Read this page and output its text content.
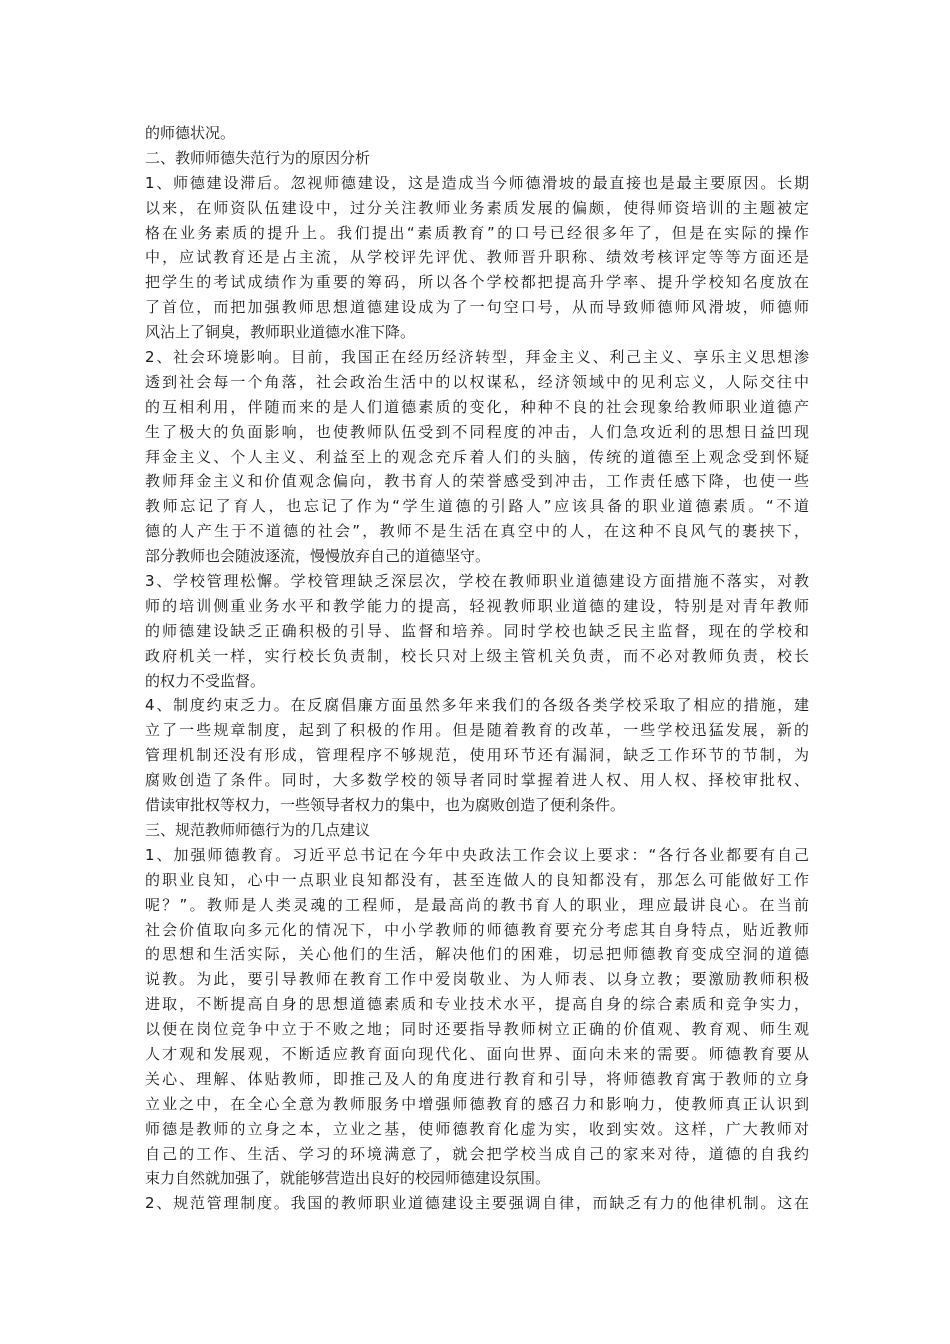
的师德状况。
二、教师师德失范行为的原因分析
1、师德建设滞后。忽视师德建设，这是造成当今师德滑坡的最直接也是最主要原因。长期
以来，在师资队伍建设中，过分关注教师业务素质发展的偏颇，使得师资培训的主题被定
格在业务素质的提升上。我们提出“素质教育”的口号已经很多年了，但是在实际的操作
中，应试教育还是占主流，从学校评先评优、教师晋升职称、绩效考核评定等等方面还是
把学生的考试成绩作为重要的筹码，所以各个学校都把提高升学率、提升学校知名度放在
了首位，而把加强教师思想道德建设成为了一句空口号，从而导致师德师风滑坡，师德师
风沾上了铜臭，教师职业道德水准下降。
2、社会环境影响。目前，我国正在经历经济转型，拜金主义、利己主义、享乐主义思想渗
透到社会每一个角落，社会政治生活中的以权谋私，经济领域中的见利忘义，人际交往中
的互相利用，伴随而来的是人们道德素质的变化，种种不良的社会现象给教师职业道德产
生了极大的负面影响，也使教师队伍受到不同程度的冲击，人们急攻近利的思想日益凹现
拜金主义、个人主义、利益至上的观念充斥着人们的头脑，传统的道德至上观念受到怀疑
教师拜金主义和价值观念偏向，教书育人的荣誉感受到冲击，工作责任感下降，也使一些
教师忘记了育人，也忘记了作为“学生道德的引路人”应该具备的职业道德素质。“不道
德的人产生于不道德的社会”，教师不是生活在真空中的人，在这种不良风气的裹挟下，
部分教师也会随波逐流，慢慢放弃自己的道德坚守。
3、学校管理松懈。学校管理缺乏深层次，学校在教师职业道德建设方面措施不落实，对教
师的培训侧重业务水平和教学能力的提高，轻视教师职业道德的建设，特别是对青年教师
的师德建设缺乏正确积极的引导、监督和培养。同时学校也缺乏民主监督，现在的学校和
政府机关一样，实行校长负责制，校长只对上级主管机关负责，而不必对教师负责，校长
的权力不受监督。
4、制度约束乏力。在反腐倡廉方面虽然多年来我们的各级各类学校采取了相应的措施，建
立了一些规章制度，起到了积极的作用。但是随着教育的改革，一些学校迅猛发展，新的
管理机制还没有形成，管理程序不够规范，使用环节还有漏洞，缺乏工作环节的节制，为
腐败创造了条件。同时，大多数学校的领导者同时掌握着进人权、用人权、择校审批权、
借读审批权等权力，一些领导者权力的集中，也为腐败创造了便利条件。
三、规范教师师德行为的几点建议
1、加强师德教育。习近平总书记在今年中央政法工作会议上要求：“各行各业都要有自己
的职业良知，心中一点职业良知都没有，甚至连做人的良知都没有，那怎么可能做好工作
呢？”。教师是人类灵魂的工程师，是最高尚的教书育人的职业，理应最讲良心。在当前
社会价值取向多元化的情况下，中小学教师的师德教育要充分考虑其自身特点，贴近教师
的思想和生活实际，关心他们的生活，解决他们的困难，切忌把师德教育变成空洞的道德
说教。为此，要引导教师在教育工作中爱岗敬业、为人师表、以身立教；要激励教师积极
进取，不断提高自身的思想道德素质和专业技术水平，提高自身的综合素质和竞争实力，
以便在岗位竞争中立于不败之地；同时还要指导教师树立正确的价值观、教育观、师生观
人才观和发展观，不断适应教育面向现代化、面向世界、面向未来的需要。师德教育要从
关心、理解、体贴教师，即推己及人的角度进行教育和引导，将师德教育寓于教师的立身
立业之中，在全心全意为教师服务中增强师德教育的感召力和影响力，使教师真正认识到
师德是教师的立身之本，立业之基，使师德教育化虚为实，收到实效。这样，广大教师对
自己的工作、生活、学习的环境满意了，就会把学校当成自己的家来对待，道德的自我约
束力自然就加强了，就能够营造出良好的校园师德建设氛围。
2、规范管理制度。我国的教师职业道德建设主要强调自律，而缺乏有力的他律机制。这在
